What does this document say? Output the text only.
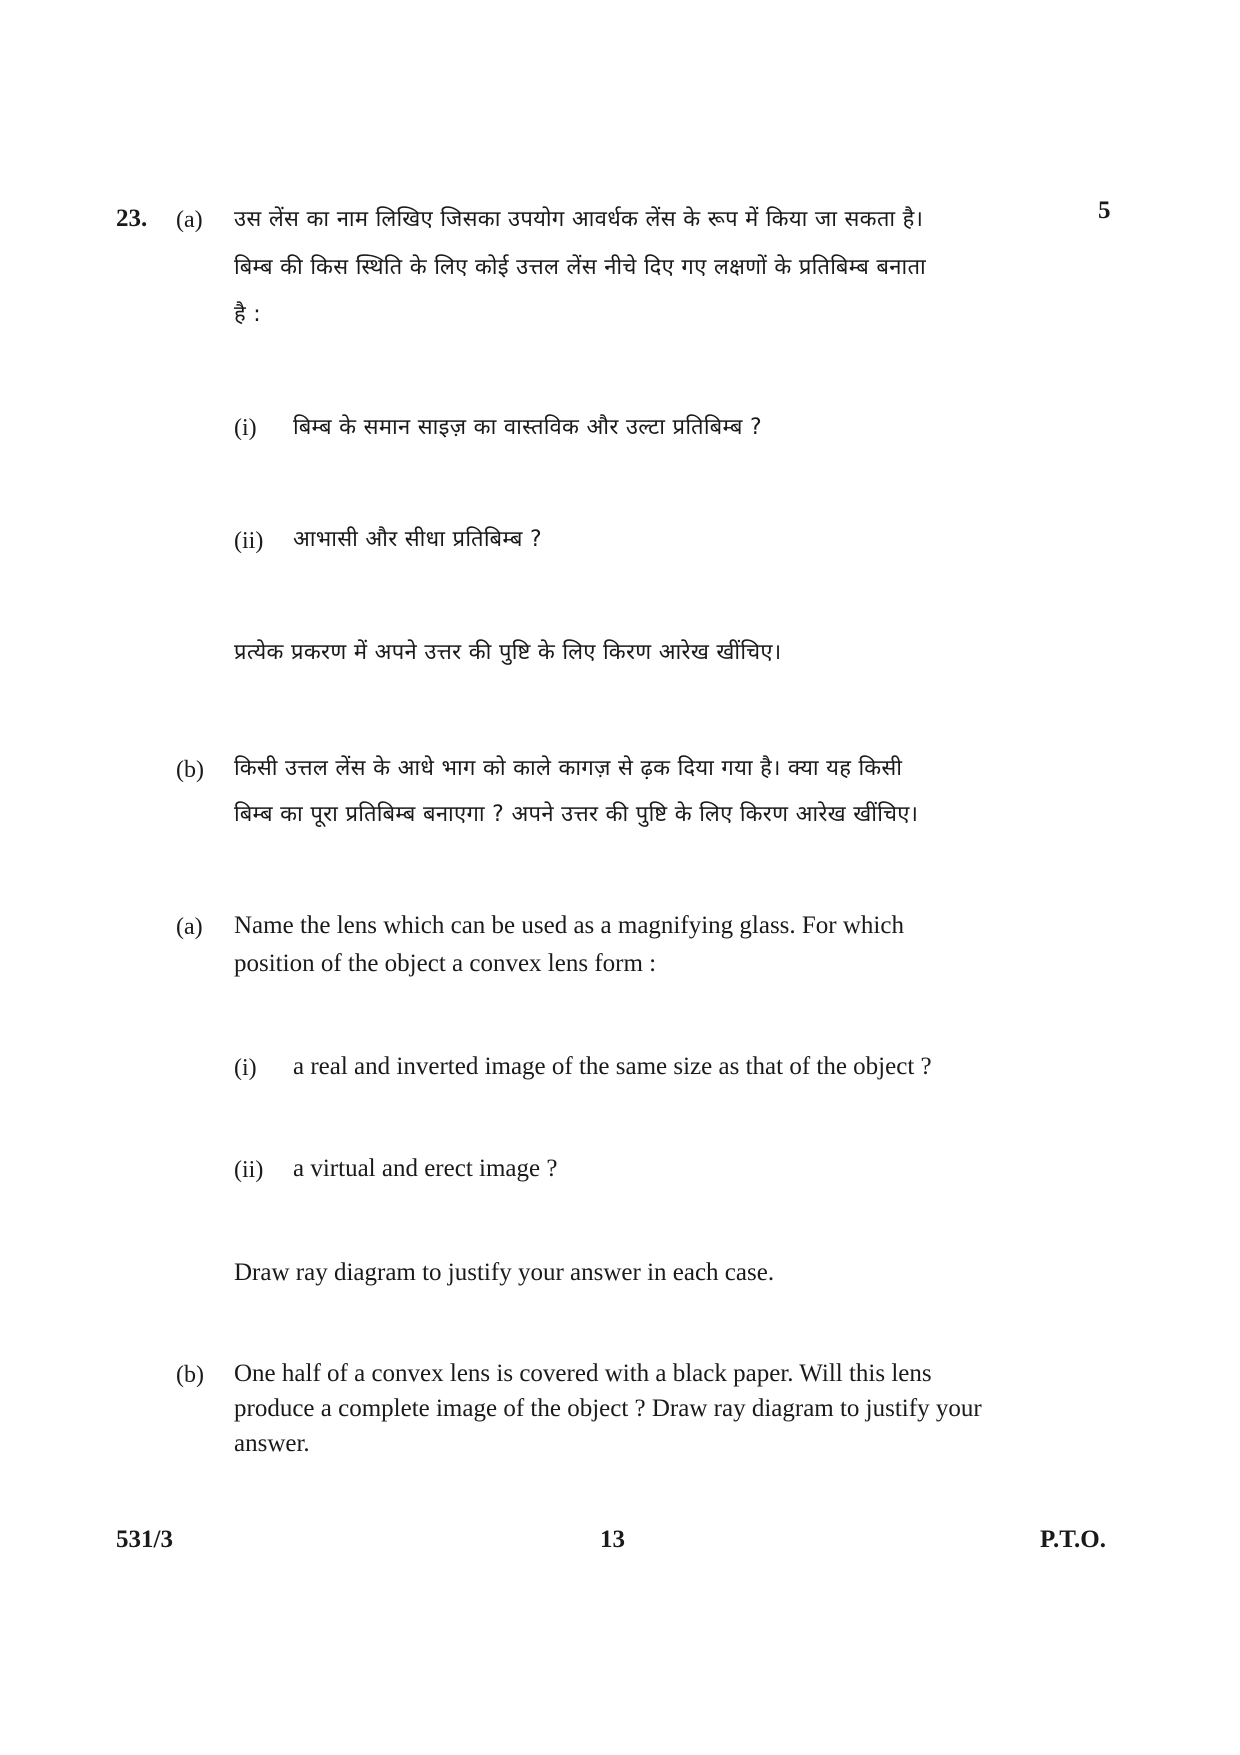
23.	5
(a) उस लेंस का नाम लिखिए जिसका उपयोग आवर्धक लेंस के रूप में किया जा सकता है।
बिम्ब की किस स्थिति के लिए कोई उत्तल लेंस नीचे दिए गए लक्षणों के प्रतिबिम्ब बनाता
है :
(i) बिम्ब के समान साइज़ का वास्तविक और उल्टा प्रतिबिम्ब ?
(ii) आभासी और सीधा प्रतिबिम्ब ?
प्रत्येक प्रकरण में अपने उत्तर की पुष्टि के लिए किरण आरेख खींचिए।
(b) किसी उत्तल लेंस के आधे भाग को काले कागज़ से ढ़क दिया गया है। क्या यह किसी
बिम्ब का पूरा प्रतिबिम्ब बनाएगा ? अपने उत्तर की पुष्टि के लिए किरण आरेख खींचिए।
(a) Name the lens which can be used as a magnifying glass. For which
position of the object a convex lens form :
(i) a real and inverted image of the same size as that of the object ?
(ii) a virtual and erect image ?
Draw ray diagram to justify your answer in each case.
(b) One half of a convex lens is covered with a black paper. Will this lens
produce a complete image of the object ? Draw ray diagram to justify your
answer.
531/3	13	P.T.O.
